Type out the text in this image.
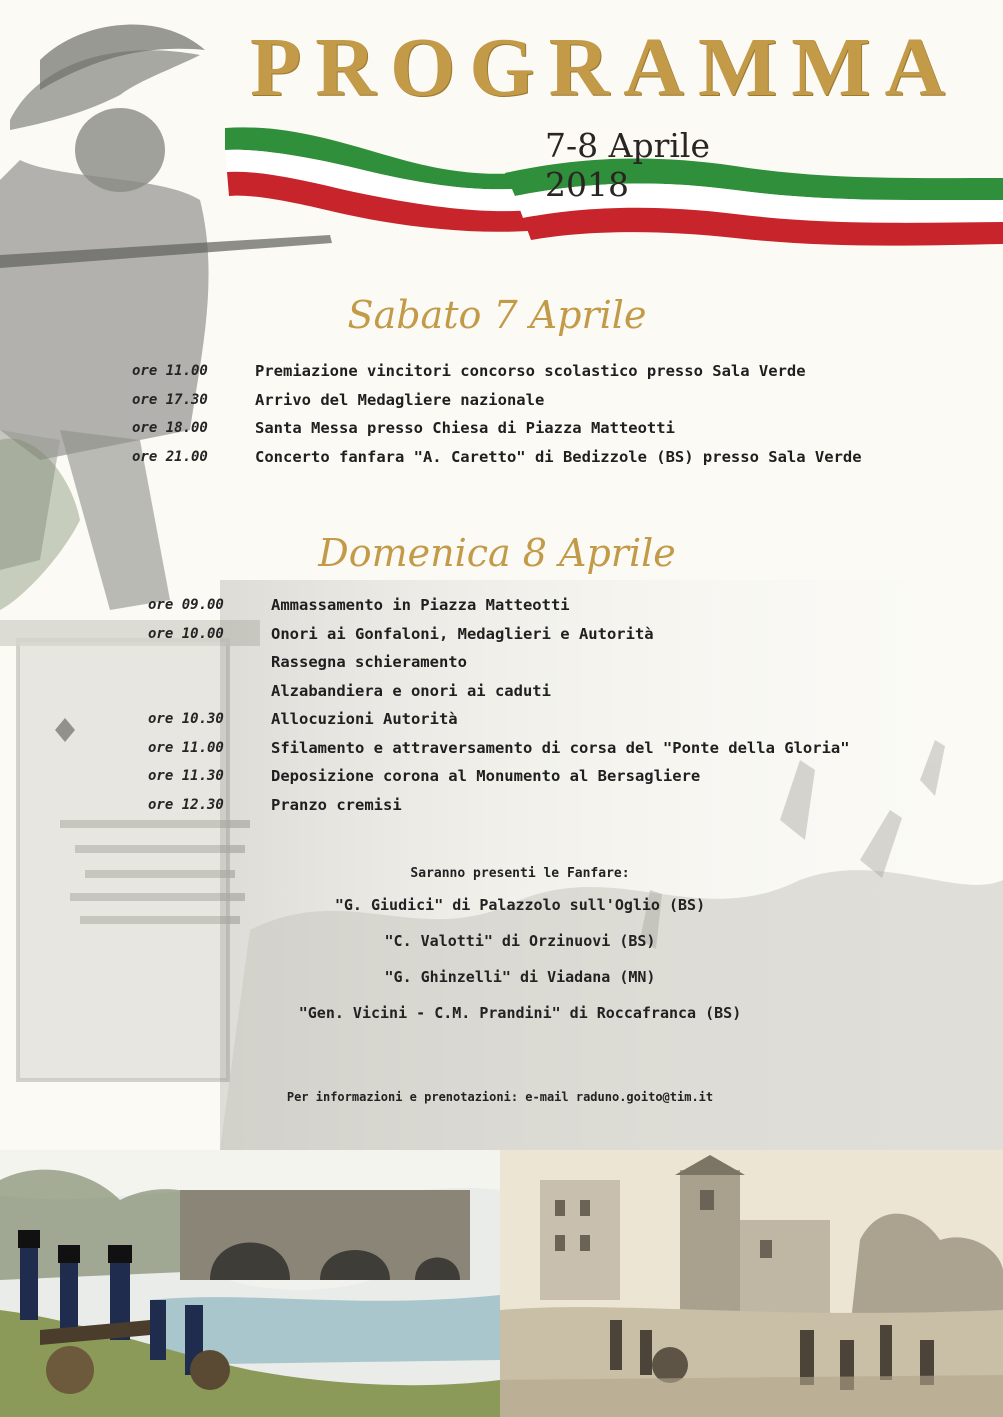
PROGRAMMA
7-8 Aprile 2018
Sabato 7 Aprile
ore 11.00	Premiazione vincitori concorso scolastico presso Sala Verde
ore 17.30	Arrivo del Medagliere nazionale
ore 18.00	Santa Messa presso Chiesa di Piazza Matteotti
ore 21.00	Concerto fanfara "A. Caretto" di Bedizzole (BS) presso Sala Verde
Domenica 8 Aprile
ore 09.00	Ammassamento in Piazza Matteotti
ore 10.00	Onori ai Gonfaloni, Medaglieri e Autorità
Rassegna schieramento
Alzabandiera e onori ai caduti
ore 10.30	Allocuzioni Autorità
ore 11.00	Sfilamento e attraversamento di corsa del "Ponte della Gloria"
ore 11.30	Deposizione corona al Monumento al Bersagliere
ore 12.30	Pranzo cremisi
Saranno presenti le Fanfare:
"G. Giudici" di Palazzolo sull'Oglio (BS)
"C. Valotti" di Orzinuovi (BS)
"G. Ghinzelli" di Viadana (MN)
"Gen. Vicini - C.M. Prandini" di Roccafranca (BS)
Per informazioni e prenotazioni: e-mail raduno.goito@tim.it
